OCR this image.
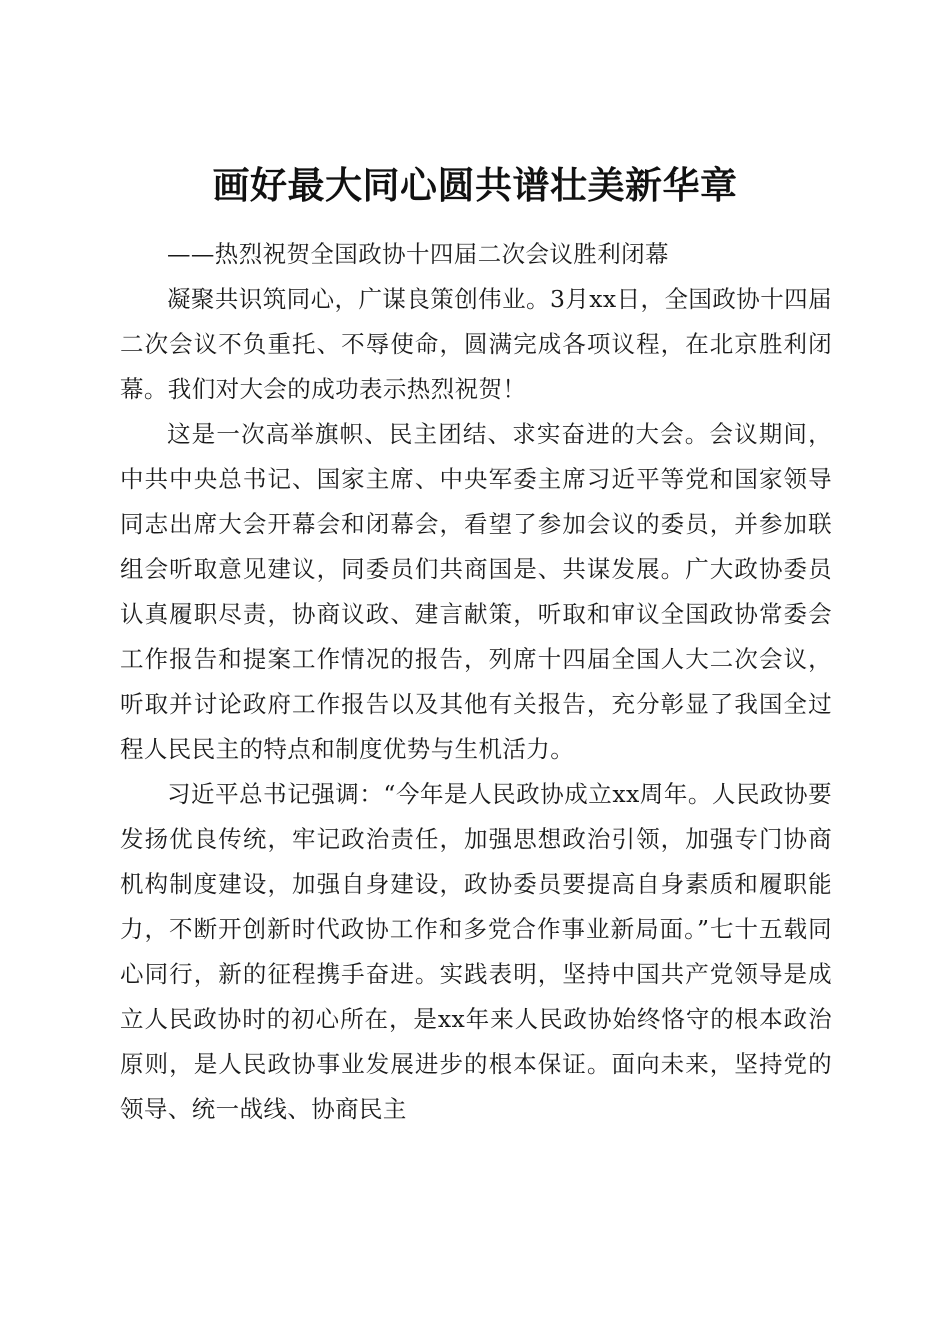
画好最大同心圆共谱壮美新华章

——热烈祝贺全国政协十四届二次会议胜利闭幕

凝聚共识筑同心，广谋良策创伟业。3月xx日，全国政协十四届二次会议不负重托、不辱使命，圆满完成各项议程，在北京胜利闭幕。我们对大会的成功表示热烈祝贺！

这是一次高举旗帜、民主团结、求实奋进的大会。会议期间，中共中央总书记、国家主席、中央军委主席习近平等党和国家领导同志出席大会开幕会和闭幕会，看望了参加会议的委员，并参加联组会听取意见建议，同委员们共商国是、共谋发展。广大政协委员认真履职尽责，协商议政、建言献策，听取和审议全国政协常委会工作报告和提案工作情况的报告，列席十四届全国人大二次会议，听取并讨论政府工作报告以及其他有关报告，充分彰显了我国全过程人民民主的特点和制度优势与生机活力。

习近平总书记强调：“今年是人民政协成立xx周年。人民政协要发扬优良传统，牢记政治责任，加强思想政治引领，加强专门协商机构制度建设，加强自身建设，政协委员要提高自身素质和履职能力，不断开创新时代政协工作和多党合作事业新局面。”七十五载同心同行，新的征程携手奋进。实践表明，坚持中国共产党领导是成立人民政协时的初心所在，是xx年来人民政协始终恪守的根本政治原则，是人民政协事业发展进步的根本保证。面向未来，坚持党的领导、统一战线、协商民主
